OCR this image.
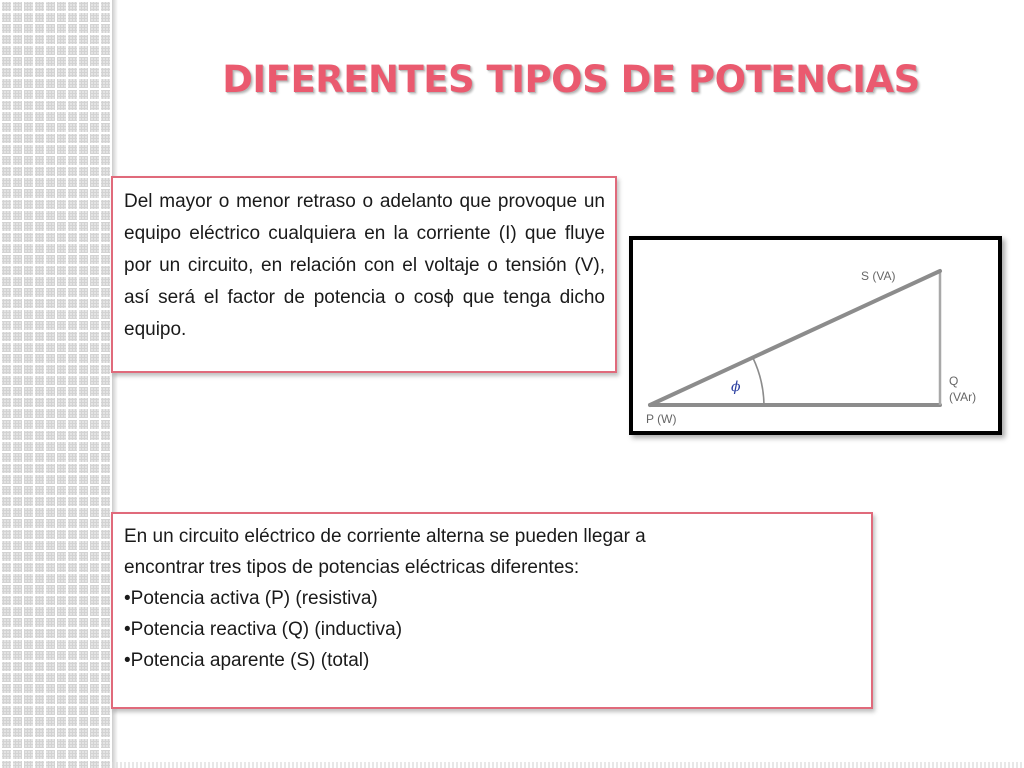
DIFERENTES TIPOS DE POTENCIAS
Del mayor o menor retraso o adelanto que provoque un equipo eléctrico cualquiera en la corriente (I) que fluye por un circuito, en relación con el voltaje o tensión (V), así será el factor de potencia o cosϕ que tenga dicho equipo.
S (VA)
Q
(VAr)
P (W)
ϕ
En un circuito eléctrico de corriente alterna se pueden llegar a
encontrar tres tipos de potencias eléctricas diferentes:
•Potencia activa (P) (resistiva)
•Potencia reactiva (Q) (inductiva)
•Potencia aparente (S) (total)
